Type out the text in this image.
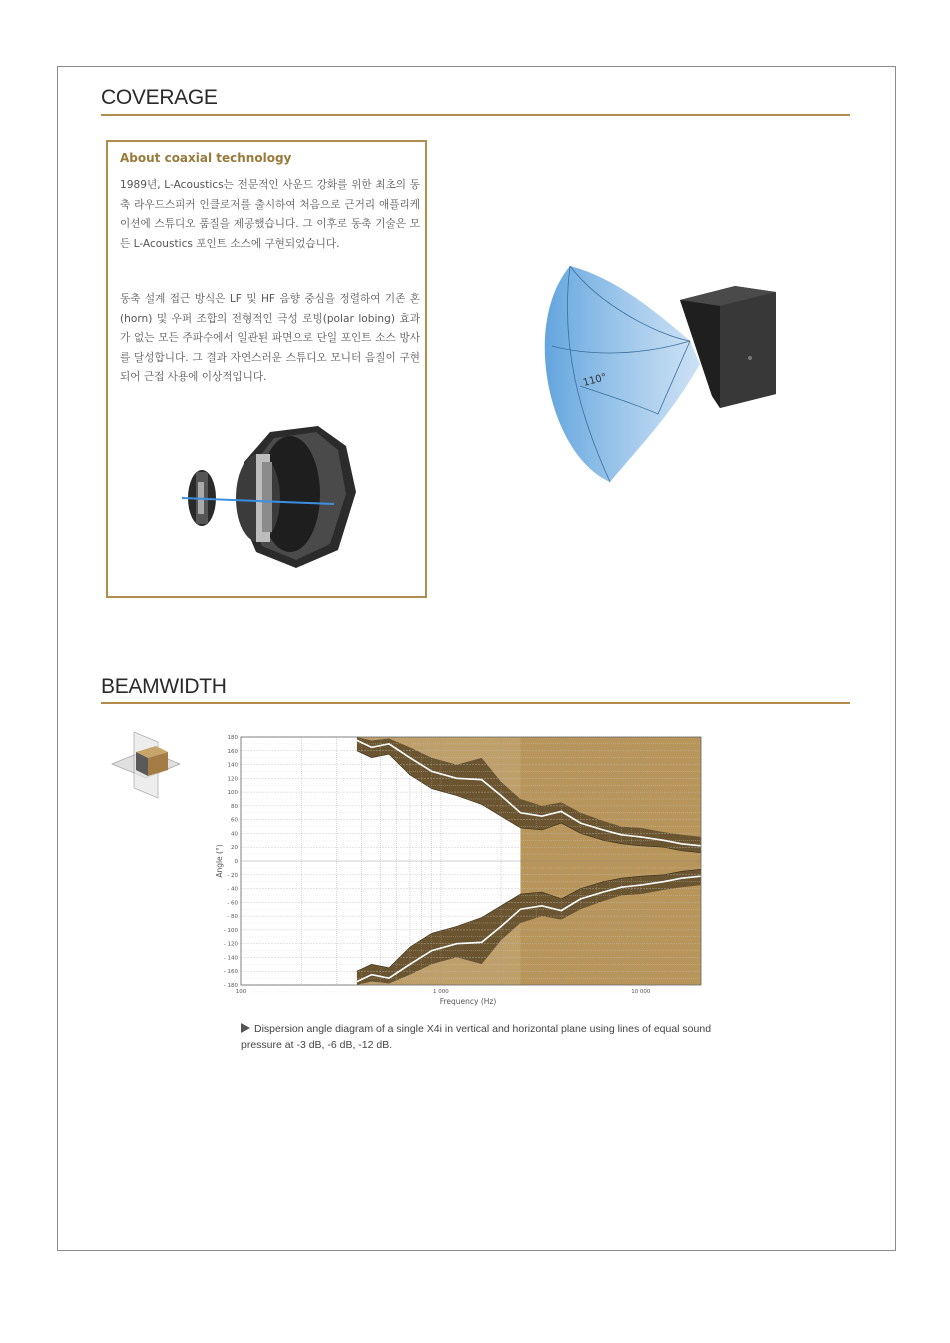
COVERAGE
About coaxial technology

1989년, L-Acoustics는 전문적인 사운드 강화를 위한 최초의 동축 라우드스피커 인클로저를 출시하여 처음으로 근거리 애플리케이션에 스튜디오 품질을 제공했습니다. 그 이후로 동축 기술은 모든 L-Acoustics 포인트 소스에 구현되었습니다.

동축 설계 접근 방식은 LF 및 HF 음향 중심을 정렬하여 기존 혼(horn) 및 우퍼 조합의 전형적인 극성 로빙(polar lobing) 효과가 없는 모든 주파수에서 일관된 파면으로 단일 포인트 소스 방사를 달성합니다. 그 결과 자연스러운 스튜디오 모니터 음질이 구현되어 근접 사용에 이상적입니다.	110°
BEAMWIDTH
180
160
140
120
100
80
60
40
20
0
- 20
- 40
- 60
- 80
- 100
- 120
- 140
- 160
- 180
100	1 000	10 000
Angle (°)
Frequency (Hz)

Dispersion angle diagram of a single X4i in vertical and horizontal plane using lines of equal sound pressure at -3 dB, -6 dB, -12 dB.
